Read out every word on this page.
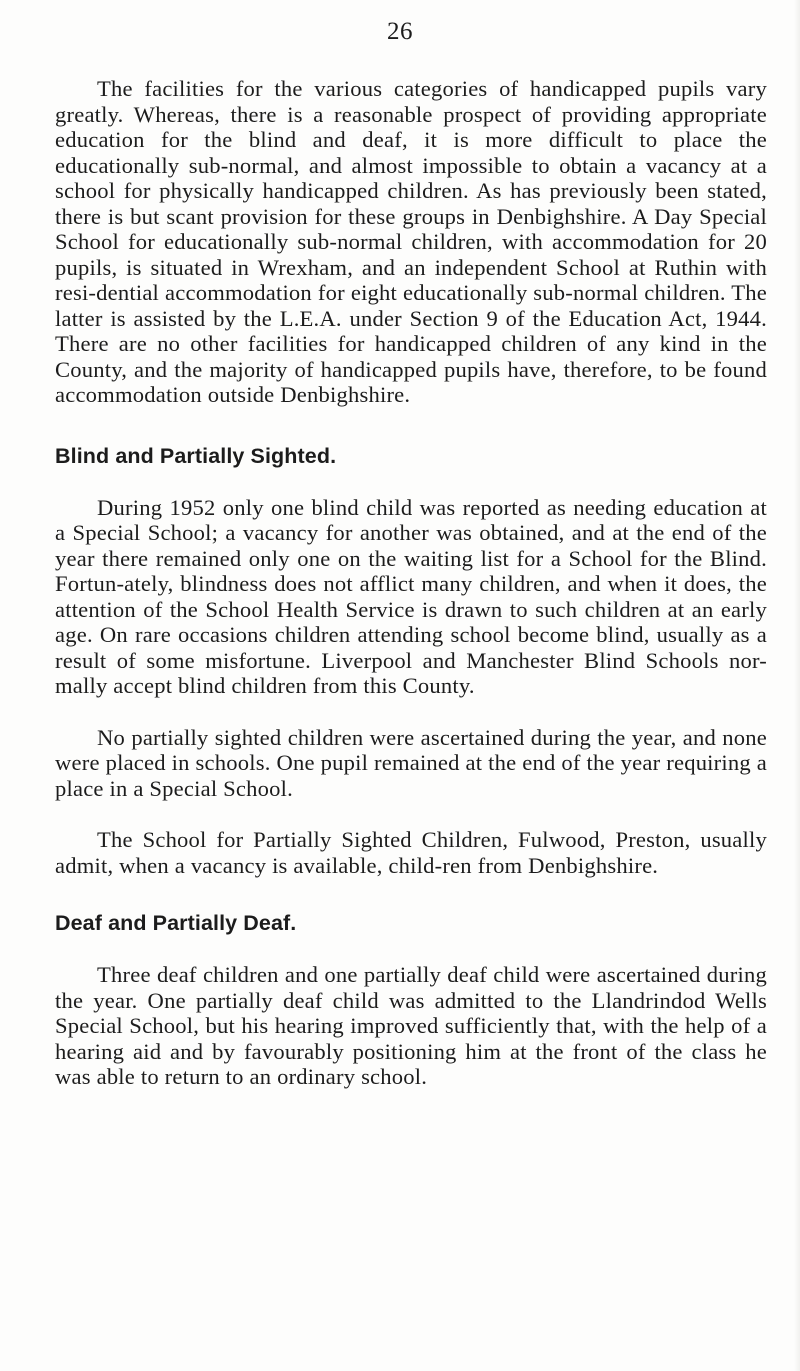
26

The facilities for the various categories of handicapped pupils vary greatly. Whereas, there is a reasonable prospect of providing appropriate education for the blind and deaf, it is more difficult to place the educationally sub-normal, and almost impossible to obtain a vacancy at a school for physically handicapped children. As has previously been stated, there is but scant provision for these groups in Denbighshire. A Day Special School for educationally sub-normal children, with accommodation for 20 pupils, is situated in Wrexham, and an independent School at Ruthin with resi-dential accommodation for eight educationally sub-normal children. The latter is assisted by the L.E.A. under Section 9 of the Education Act, 1944. There are no other facilities for handicapped children of any kind in the County, and the majority of handicapped pupils have, therefore, to be found accommodation outside Denbighshire.

Blind and Partially Sighted.

During 1952 only one blind child was reported as needing education at a Special School; a vacancy for another was obtained, and at the end of the year there remained only one on the waiting list for a School for the Blind. Fortun-ately, blindness does not afflict many children, and when it does, the attention of the School Health Service is drawn to such children at an early age. On rare occasions children attending school become blind, usually as a result of some misfortune. Liverpool and Manchester Blind Schools nor-mally accept blind children from this County.

No partially sighted children were ascertained during the year, and none were placed in schools. One pupil remained at the end of the year requiring a place in a Special School.

The School for Partially Sighted Children, Fulwood, Preston, usually admit, when a vacancy is available, child-ren from Denbighshire.

Deaf and Partially Deaf.

Three deaf children and one partially deaf child were ascertained during the year. One partially deaf child was admitted to the Llandrindod Wells Special School, but his hearing improved sufficiently that, with the help of a hearing aid and by favourably positioning him at the front of the class he was able to return to an ordinary school.
